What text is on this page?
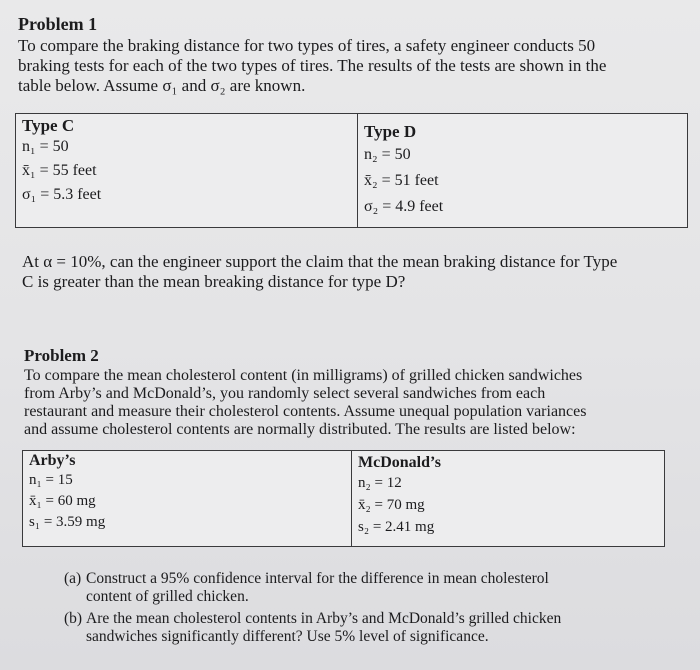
Problem 1
To compare the braking distance for two types of tires, a safety engineer conducts 50
braking tests for each of the two types of tires. The results of the tests are shown in the
table below. Assume σ₁ and σ₂ are known.
Type C
n₁ = 50
x̄₁ = 55 feet
σ₁ = 5.3 feet

Type D
n₂ = 50
x̄₂ = 51 feet
σ₂ = 4.9 feet
At α = 10%, can the engineer support the claim that the mean braking distance for Type
C is greater than the mean breaking distance for type D?
Problem 2
To compare the mean cholesterol content (in milligrams) of grilled chicken sandwiches
from Arby’s and McDonald’s, you randomly select several sandwiches from each
restaurant and measure their cholesterol contents. Assume unequal population variances
and assume cholesterol contents are normally distributed. The results are listed below:
Arby’s
n₁ = 15
x̄₁ = 60 mg
s₁ = 3.59 mg

McDonald’s
n₂ = 12
x̄₂ = 70 mg
s₂ = 2.41 mg
(a) Construct a 95% confidence interval for the difference in mean cholesterol
content of grilled chicken.
(b) Are the mean cholesterol contents in Arby’s and McDonald’s grilled chicken
sandwiches significantly different? Use 5% level of significance.
